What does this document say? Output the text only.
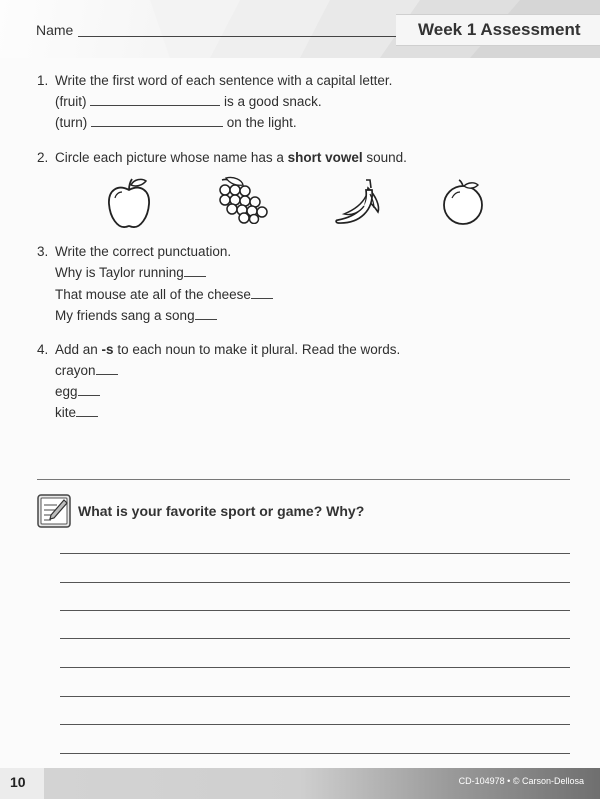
Name	Week 1 Assessment
1. Write the first word of each sentence with a capital letter.
(fruit)	is a good snack.
(turn)	on the light.
2. Circle each picture whose name has a short vowel sound.
3. Write the correct punctuation.
Why is Taylor running
That mouse ate all of the cheese
My friends sang a song
4. Add an -s to each noun to make it plural. Read the words.
crayon
egg
kite
What is your favorite sport or game? Why?
10	CD-104978 • © Carson-Dellosa
